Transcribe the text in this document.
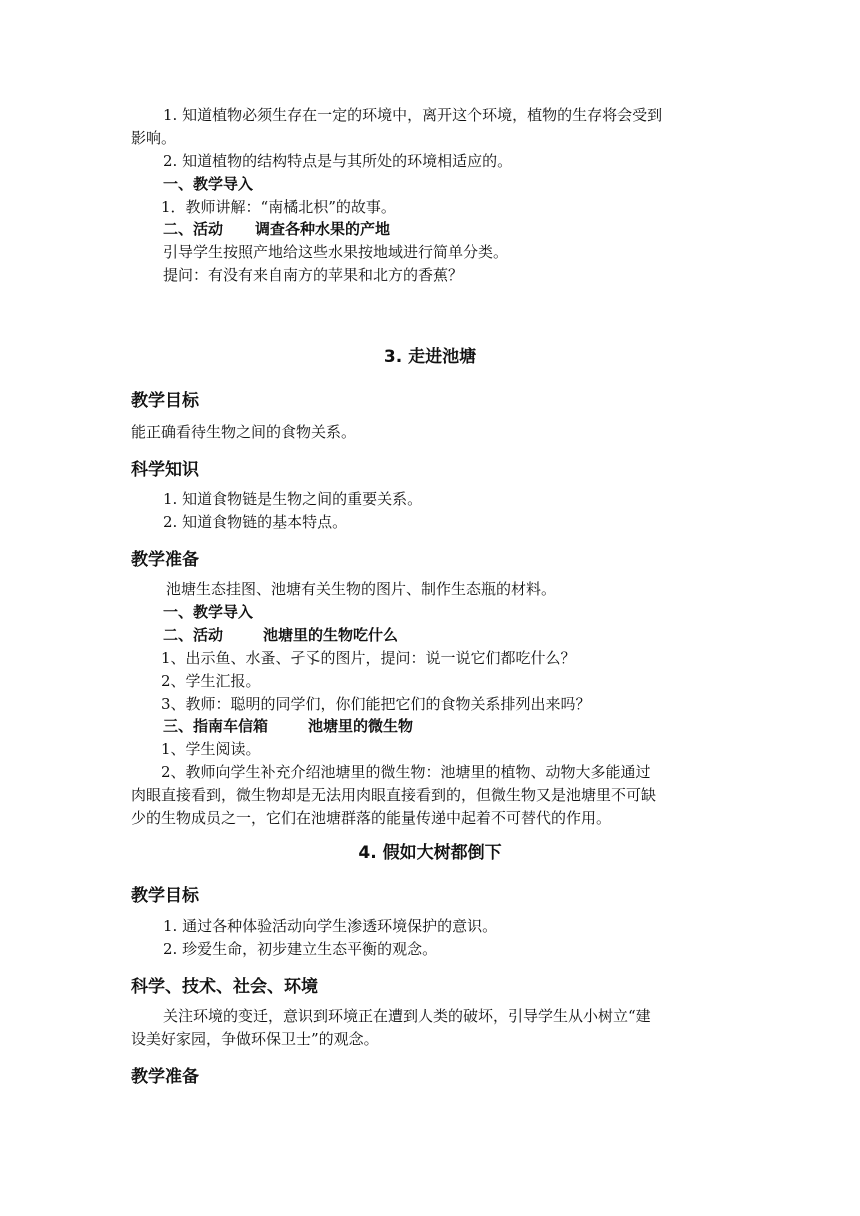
1. 知道植物必须生存在一定的环境中，离开这个环境，植物的生存将会受到
影响。
2. 知道植物的结构特点是与其所处的环境相适应的。
一、教学导入
1．教师讲解：“南橘北枳”的故事。
二、活动 调查各种水果的产地
引导学生按照产地给这些水果按地域进行简单分类。
提问：有没有来自南方的苹果和北方的香蕉？
3. 走进池塘
教学目标
能正确看待生物之间的食物关系。
科学知识
1. 知道食物链是生物之间的重要关系。
2. 知道食物链的基本特点。
教学准备
池塘生态挂图、池塘有关生物的图片、制作生态瓶的材料。
一、教学导入
二、活动	池塘里的生物吃什么
1、出示鱼、水蚤、孑孓的图片，提问：说一说它们都吃什么？
2、学生汇报。
3、教师：聪明的同学们，你们能把它们的食物关系排列出来吗？
三、指南车信箱	池塘里的微生物
1、学生阅读。
2、教师向学生补充介绍池塘里的微生物：池塘里的植物、动物大多能通过
肉眼直接看到，微生物却是无法用肉眼直接看到的，但微生物又是池塘里不可缺
少的生物成员之一，它们在池塘群落的能量传递中起着不可替代的作用。
4. 假如大树都倒下
教学目标
1. 通过各种体验活动向学生渗透环境保护的意识。
2. 珍爱生命，初步建立生态平衡的观念。
科学、技术、社会、环境
关注环境的变迁，意识到环境正在遭到人类的破坏，引导学生从小树立“建
设美好家园，争做环保卫士”的观念。
教学准备
